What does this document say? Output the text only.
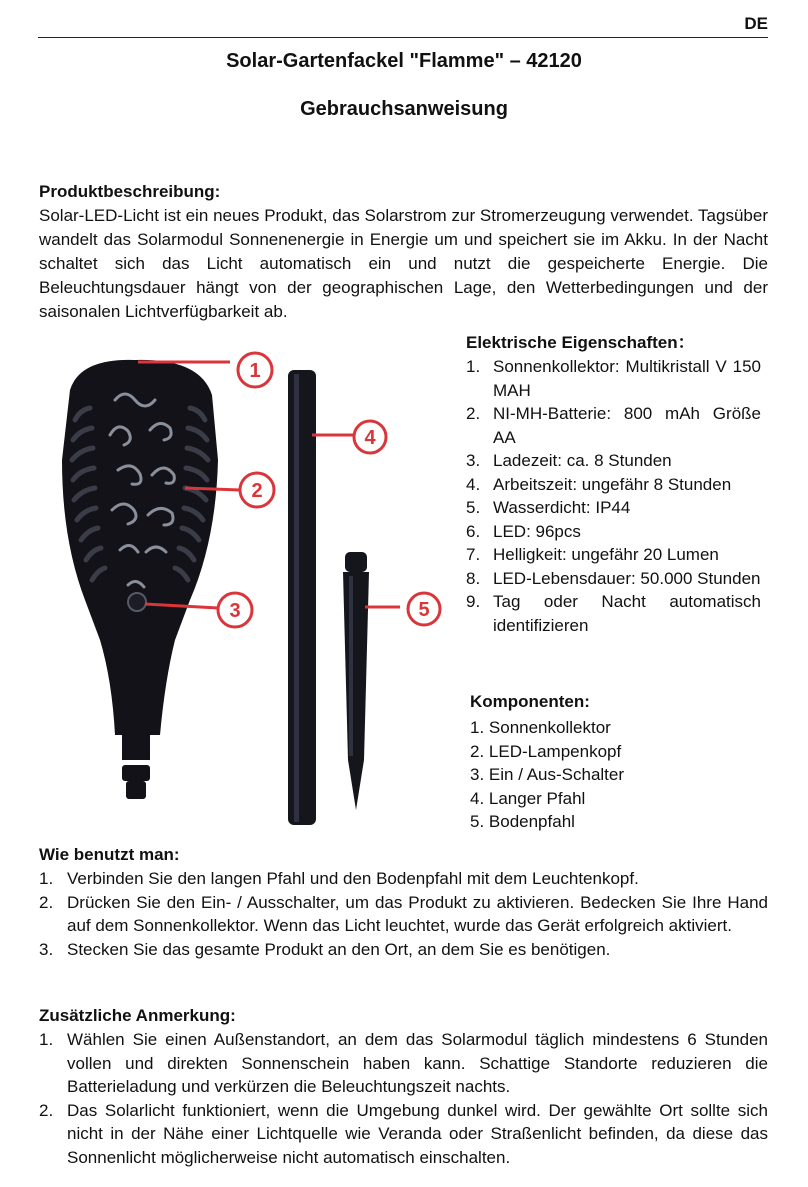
DE
Solar-Gartenfackel "Flamme" – 42120
Gebrauchsanweisung
Produktbeschreibung:
Solar-LED-Licht ist ein neues Produkt, das Solarstrom zur Stromerzeugung verwendet. Tagsüber wandelt das Solarmodul Sonnenenergie in Energie um und speichert sie im Akku. In der Nacht schaltet sich das Licht automatisch ein und nutzt die gespeicherte Energie. Die Beleuchtungsdauer hängt von der geographischen Lage, den Wetterbedingungen und der saisonalen Lichtverfügbarkeit ab.
1
2
3
4
5
Elektrische Eigenschaften：
1. Sonnenkollektor: Multikristall V 150 MAH
2. NI-MH-Batterie: 800 mAh Größe AA
3. Ladezeit: ca. 8 Stunden
4. Arbeitszeit: ungefähr 8 Stunden
5. Wasserdicht: IP44
6. LED: 96pcs
7. Helligkeit: ungefähr 20 Lumen
8. LED-Lebensdauer: 50.000 Stunden
9. Tag oder Nacht automatisch identifizieren
Komponenten:
1. Sonnenkollektor
2. LED-Lampenkopf
3. Ein / Aus-Schalter
4. Langer Pfahl
5. Bodenpfahl
Wie benutzt man:
1. Verbinden Sie den langen Pfahl und den Bodenpfahl mit dem Leuchtenkopf.
2. Drücken Sie den Ein- / Ausschalter, um das Produkt zu aktivieren. Bedecken Sie Ihre Hand auf dem Sonnenkollektor. Wenn das Licht leuchtet, wurde das Gerät erfolgreich aktiviert.
3. Stecken Sie das gesamte Produkt an den Ort, an dem Sie es benötigen.
Zusätzliche Anmerkung:
1. Wählen Sie einen Außenstandort, an dem das Solarmodul täglich mindestens 6 Stunden vollen und direkten Sonnenschein haben kann. Schattige Standorte reduzieren die Batterieladung und verkürzen die Beleuchtungszeit nachts.
2. Das Solarlicht funktioniert, wenn die Umgebung dunkel wird. Der gewählte Ort sollte sich nicht in der Nähe einer Lichtquelle wie Veranda oder Straßenlicht befinden, da diese das Sonnenlicht möglicherweise nicht automatisch einschalten.
